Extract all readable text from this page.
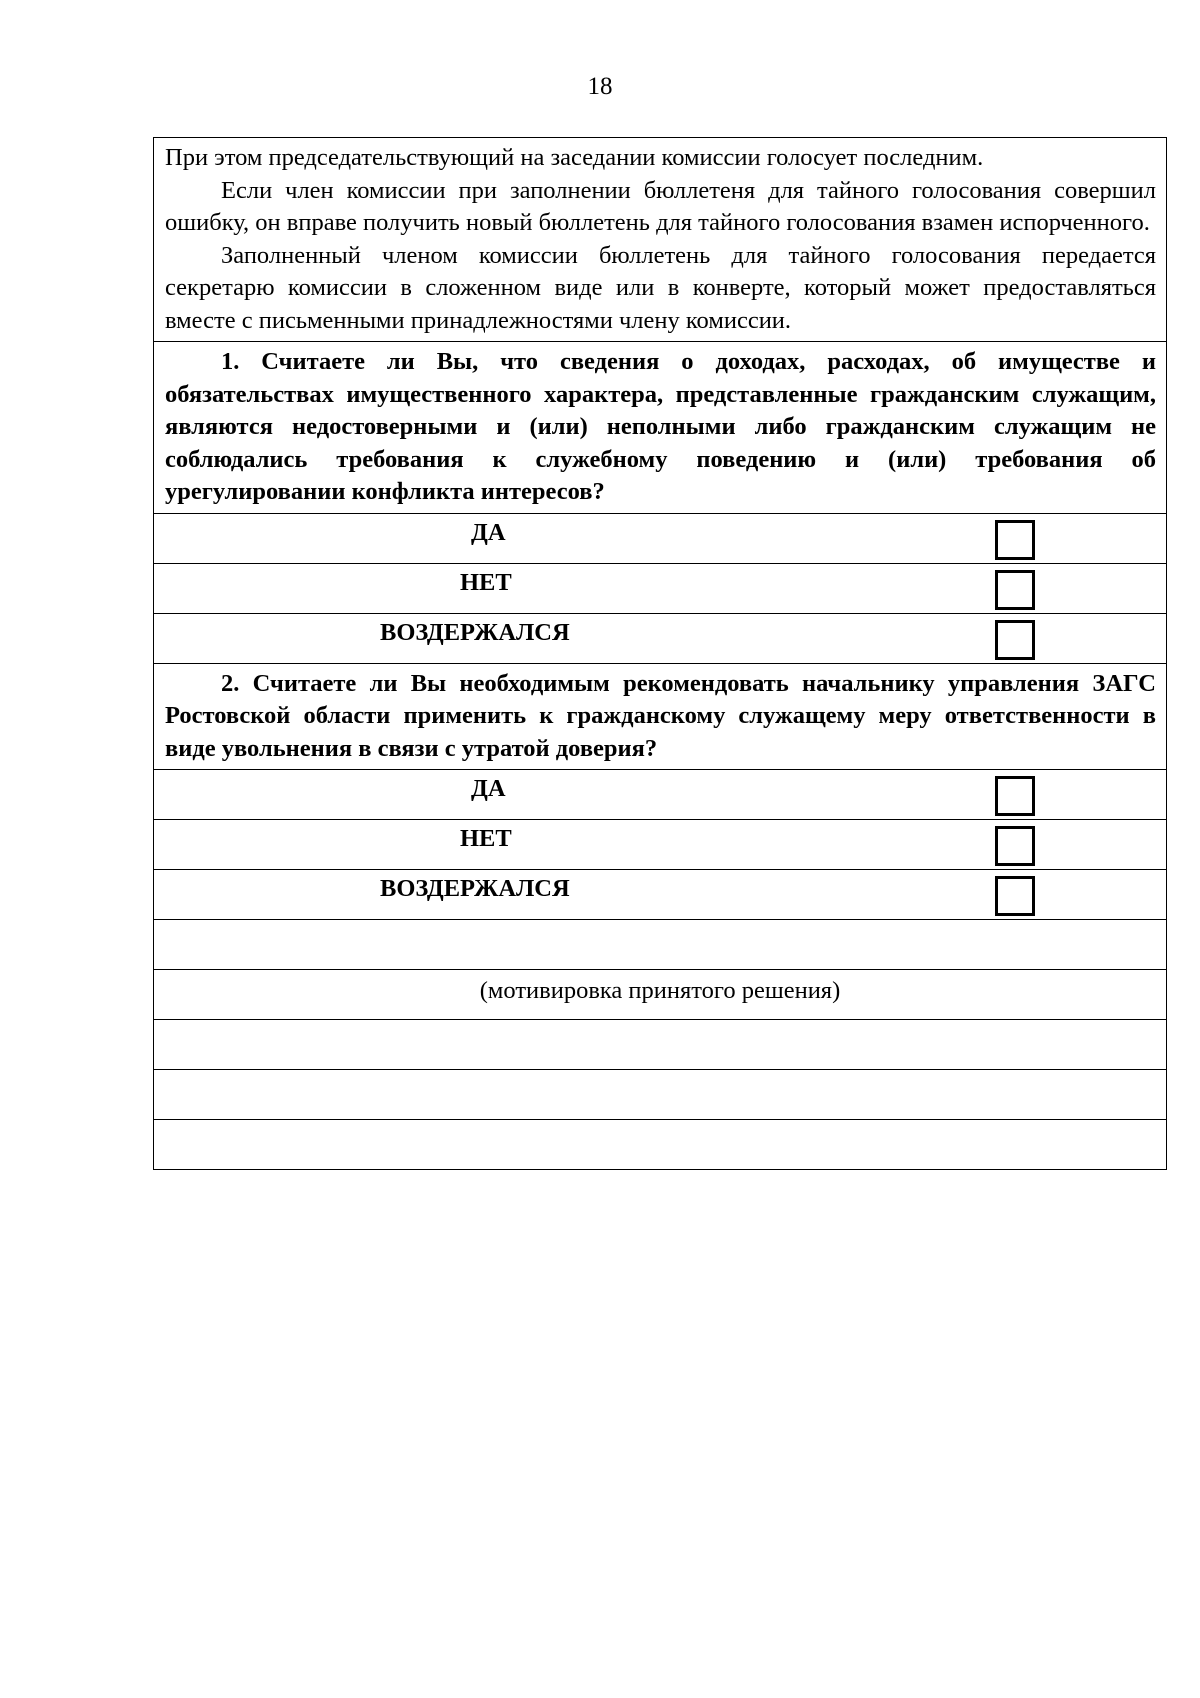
18

При этом председательствующий на заседании комиссии голосует последним.

Если член комиссии при заполнении бюллетеня для тайного голосования совершил ошибку, он вправе получить новый бюллетень для тайного голосования взамен испорченного.

Заполненный членом комиссии бюллетень для тайного голосования передается секретарю комиссии в сложенном виде или в конверте, который может предоставляться вместе с письменными принадлежностями члену комиссии.

1. Считаете ли Вы, что сведения о доходах, расходах, об имуществе и обязательствах имущественного характера, представленные гражданским служащим, являются недостоверными и (или) неполными либо гражданским служащим не соблюдались требования к служебному поведению и (или) требования об урегулировании конфликта интересов?

ДА
НЕТ
ВОЗДЕРЖАЛСЯ

2. Считаете ли Вы необходимым рекомендовать начальнику управления ЗАГС Ростовской области применить к гражданскому служащему меру ответственности в виде увольнения в связи с утратой доверия?

ДА
НЕТ
ВОЗДЕРЖАЛСЯ
(мотивировка принятого решения)
